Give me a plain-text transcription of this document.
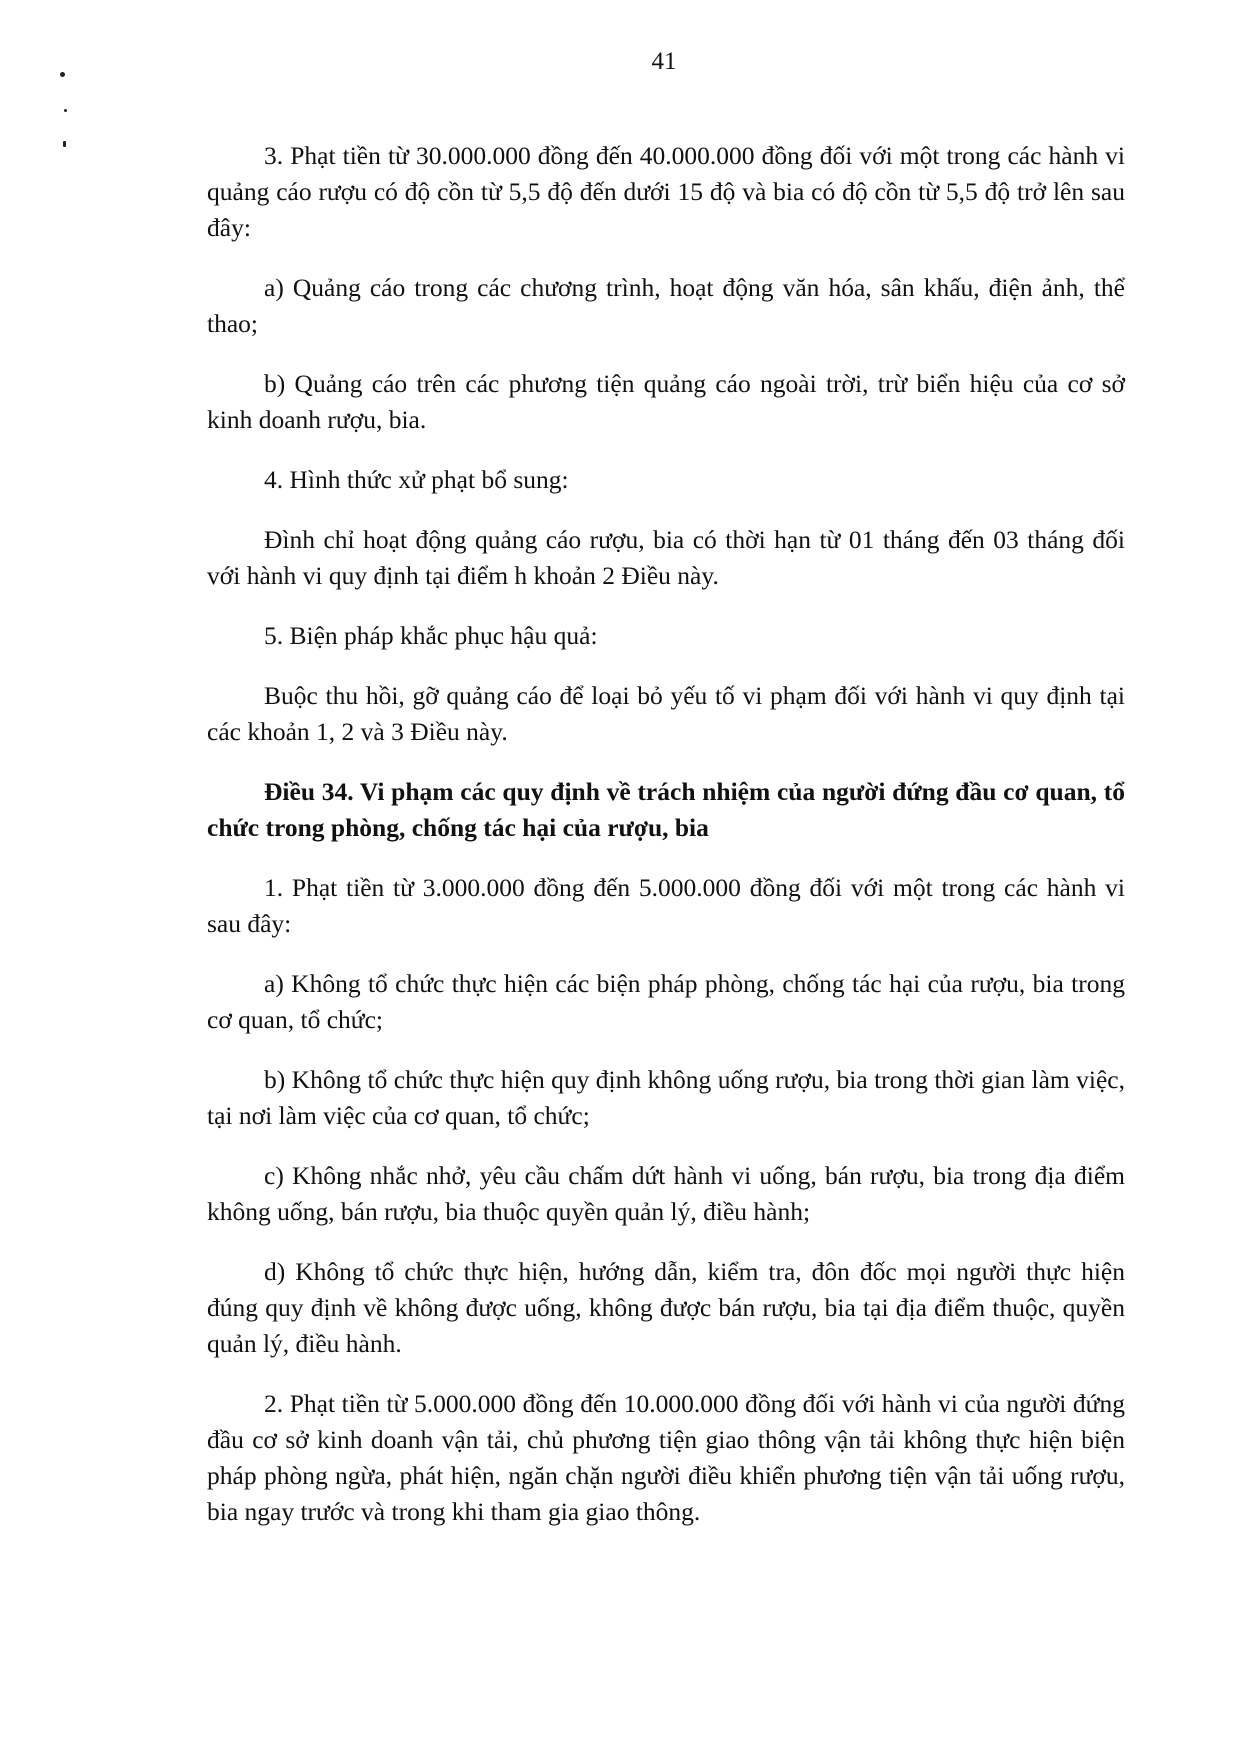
41

3. Phạt tiền từ 30.000.000 đồng đến 40.000.000 đồng đối với một trong các hành vi quảng cáo rượu có độ cồn từ 5,5 độ đến dưới 15 độ và bia có độ cồn từ 5,5 độ trở lên sau đây:

a) Quảng cáo trong các chương trình, hoạt động văn hóa, sân khấu, điện ảnh, thể thao;

b) Quảng cáo trên các phương tiện quảng cáo ngoài trời, trừ biển hiệu của cơ sở kinh doanh rượu, bia.

4. Hình thức xử phạt bổ sung:

Đình chỉ hoạt động quảng cáo rượu, bia có thời hạn từ 01 tháng đến 03 tháng đối với hành vi quy định tại điểm h khoản 2 Điều này.

5. Biện pháp khắc phục hậu quả:

Buộc thu hồi, gỡ quảng cáo để loại bỏ yếu tố vi phạm đối với hành vi quy định tại các khoản 1, 2 và 3 Điều này.

Điều 34. Vi phạm các quy định về trách nhiệm của người đứng đầu cơ quan, tổ chức trong phòng, chống tác hại của rượu, bia

1. Phạt tiền từ 3.000.000 đồng đến 5.000.000 đồng đối với một trong các hành vi sau đây:

a) Không tổ chức thực hiện các biện pháp phòng, chống tác hại của rượu, bia trong cơ quan, tổ chức;

b) Không tổ chức thực hiện quy định không uống rượu, bia trong thời gian làm việc, tại nơi làm việc của cơ quan, tổ chức;

c) Không nhắc nhở, yêu cầu chấm dứt hành vi uống, bán rượu, bia trong địa điểm không uống, bán rượu, bia thuộc quyền quản lý, điều hành;

d) Không tổ chức thực hiện, hướng dẫn, kiểm tra, đôn đốc mọi người thực hiện đúng quy định về không được uống, không được bán rượu, bia tại địa điểm thuộc, quyền quản lý, điều hành.

2. Phạt tiền từ 5.000.000 đồng đến 10.000.000 đồng đối với hành vi của người đứng đầu cơ sở kinh doanh vận tải, chủ phương tiện giao thông vận tải không thực hiện biện pháp phòng ngừa, phát hiện, ngăn chặn người điều khiển phương tiện vận tải uống rượu, bia ngay trước và trong khi tham gia giao thông.
